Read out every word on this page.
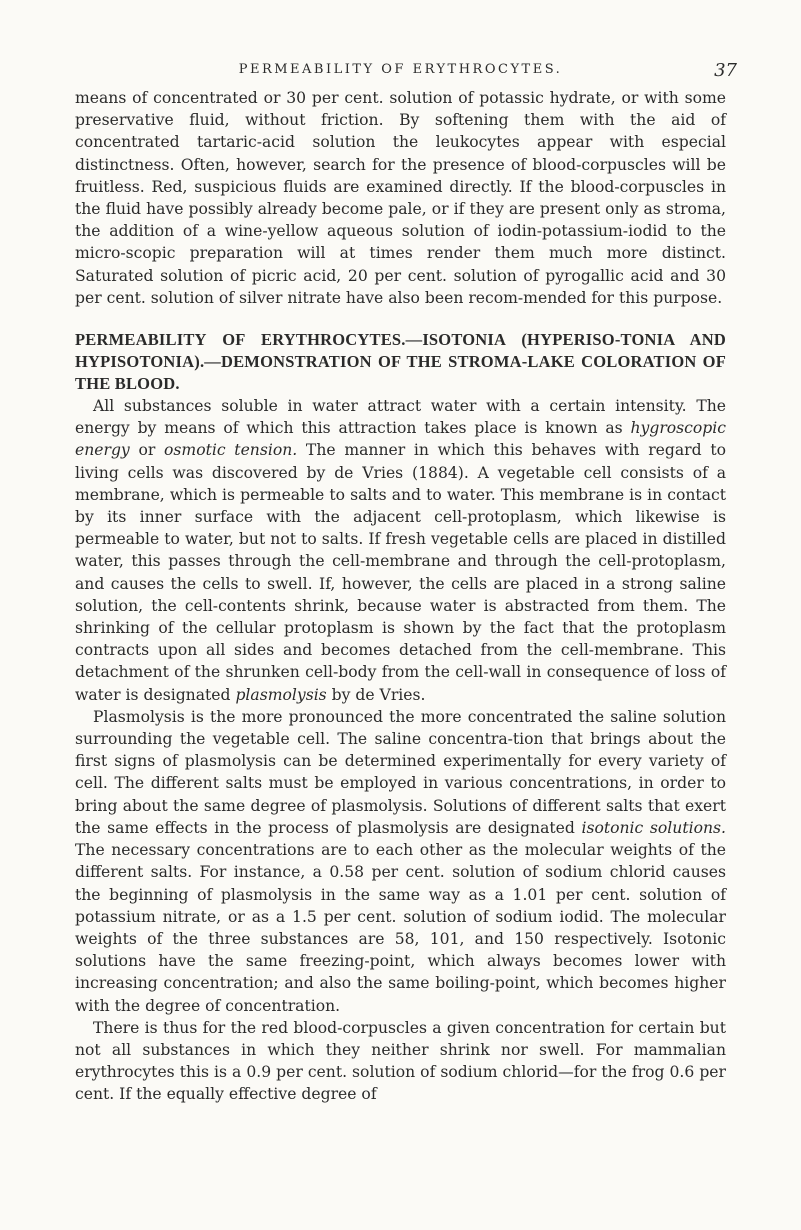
PERMEABILITY OF ERYTHROCYTES.	37

means of concentrated or 30 per cent. solution of potassic hydrate, or with some preservative fluid, without friction. By softening them with the aid of concentrated tartaric-acid solution the leukocytes appear with especial distinctness. Often, however, search for the presence of blood-corpuscles will be fruitless. Red, suspicious fluids are examined directly. If the blood-corpuscles in the fluid have possibly already become pale, or if they are present only as stroma, the addition of a wine-yellow aqueous solution of iodin-potassium-iodid to the micro-scopic preparation will at times render them much more distinct. Saturated solution of picric acid, 20 per cent. solution of pyrogallic acid and 30 per cent. solution of silver nitrate have also been recom-mended for this purpose.

PERMEABILITY OF ERYTHROCYTES.—ISOTONIA (HYPERISO-TONIA AND HYPISOTONIA).—DEMONSTRATION OF THE STROMA-LAKE COLORATION OF THE BLOOD.

All substances soluble in water attract water with a certain intensity. The energy by means of which this attraction takes place is known as hygroscopic energy or osmotic tension. The manner in which this behaves with regard to living cells was discovered by de Vries (1884). A vegetable cell consists of a membrane, which is permeable to salts and to water. This membrane is in contact by its inner surface with the adjacent cell-protoplasm, which likewise is permeable to water, but not to salts. If fresh vegetable cells are placed in distilled water, this passes through the cell-membrane and through the cell-protoplasm, and causes the cells to swell. If, however, the cells are placed in a strong saline solution, the cell-contents shrink, because water is abstracted from them. The shrinking of the cellular protoplasm is shown by the fact that the protoplasm contracts upon all sides and becomes detached from the cell-membrane. This detachment of the shrunken cell-body from the cell-wall in consequence of loss of water is designated plasmolysis by de Vries.

Plasmolysis is the more pronounced the more concentrated the saline solution surrounding the vegetable cell. The saline concentra-tion that brings about the first signs of plasmolysis can be determined experimentally for every variety of cell. The different salts must be employed in various concentrations, in order to bring about the same degree of plasmolysis. Solutions of different salts that exert the same effects in the process of plasmolysis are designated isotonic solutions. The necessary concentrations are to each other as the molecular weights of the different salts. For instance, a 0.58 per cent. solution of sodium chlorid causes the beginning of plasmolysis in the same way as a 1.01 per cent. solution of potassium nitrate, or as a 1.5 per cent. solution of sodium iodid. The molecular weights of the three substances are 58, 101, and 150 respectively. Isotonic solutions have the same freezing-point, which always becomes lower with increasing concentration; and also the same boiling-point, which becomes higher with the degree of concentration.

There is thus for the red blood-corpuscles a given concentration for certain but not all substances in which they neither shrink nor swell. For mammalian erythrocytes this is a 0.9 per cent. solution of sodium chlorid—for the frog 0.6 per cent. If the equally effective degree of
